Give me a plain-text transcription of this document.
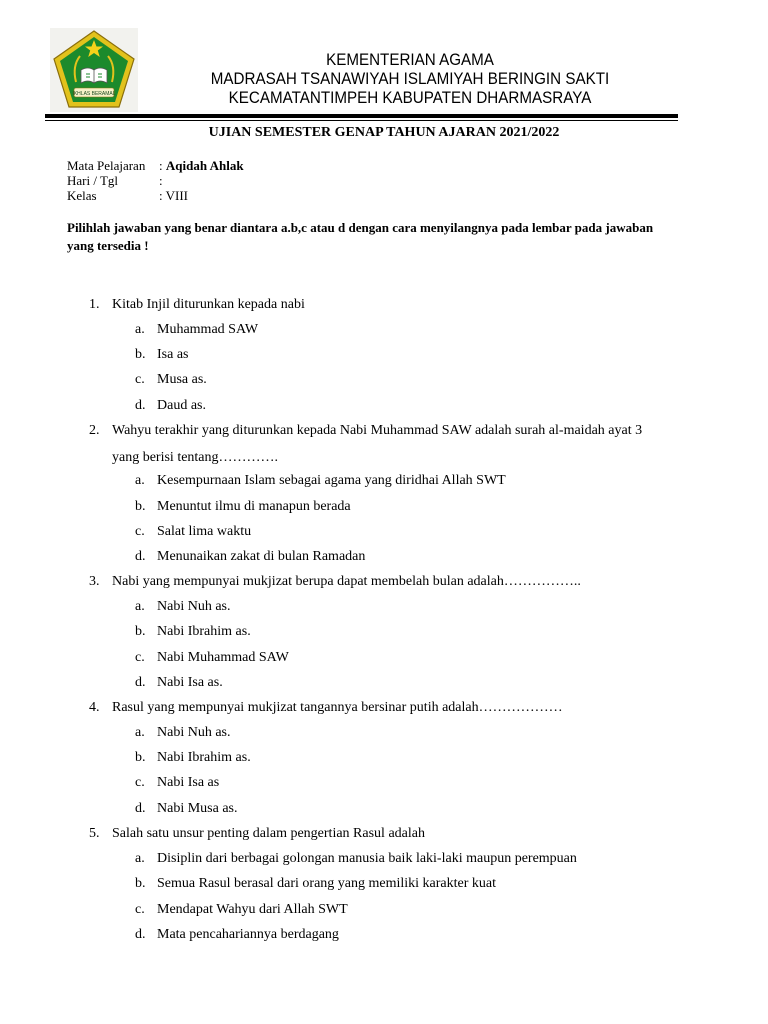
IKHLAS BERAMAL
KEMENTERIAN AGAMA
MADRASAH TSANAWIYAH ISLAMIYAH BERINGIN SAKTI
KECAMATANTIMPEH KABUPATEN DHARMASRAYA
UJIAN SEMESTER GENAP TAHUN AJARAN 2021/2022
Mata Pelajaran : Aqidah Ahlak
Hari / Tgl	:
Kelas	: VIII
Pilihlah jawaban yang benar diantara a.b,c atau d dengan cara menyilangnya pada lembar pada jawaban yang tersedia !
1. Kitab Injil diturunkan kepada nabi
a. Muhammad SAW
b. Isa as
c. Musa as.
d. Daud as.
2. Wahyu terakhir yang diturunkan kepada Nabi Muhammad SAW adalah surah al-maidah ayat 3
yang berisi tentang………….
a. Kesempurnaan Islam sebagai agama yang diridhai Allah SWT
b. Menuntut ilmu di manapun berada
c. Salat lima waktu
d. Menunaikan zakat di bulan Ramadan
3. Nabi yang mempunyai mukjizat berupa dapat membelah bulan adalah……………..
a. Nabi Nuh as.
b. Nabi Ibrahim as.
c. Nabi Muhammad SAW
d. Nabi Isa as.
4. Rasul yang mempunyai mukjizat tangannya bersinar putih adalah………………
a. Nabi Nuh as.
b. Nabi Ibrahim as.
c. Nabi Isa as
d. Nabi Musa as.
5. Salah satu unsur penting dalam pengertian Rasul adalah
a. Disiplin dari berbagai golongan manusia baik laki-laki maupun perempuan
b. Semua Rasul berasal dari orang yang memiliki karakter kuat
c. Mendapat Wahyu dari Allah SWT
d. Mata pencahariannya berdagang
